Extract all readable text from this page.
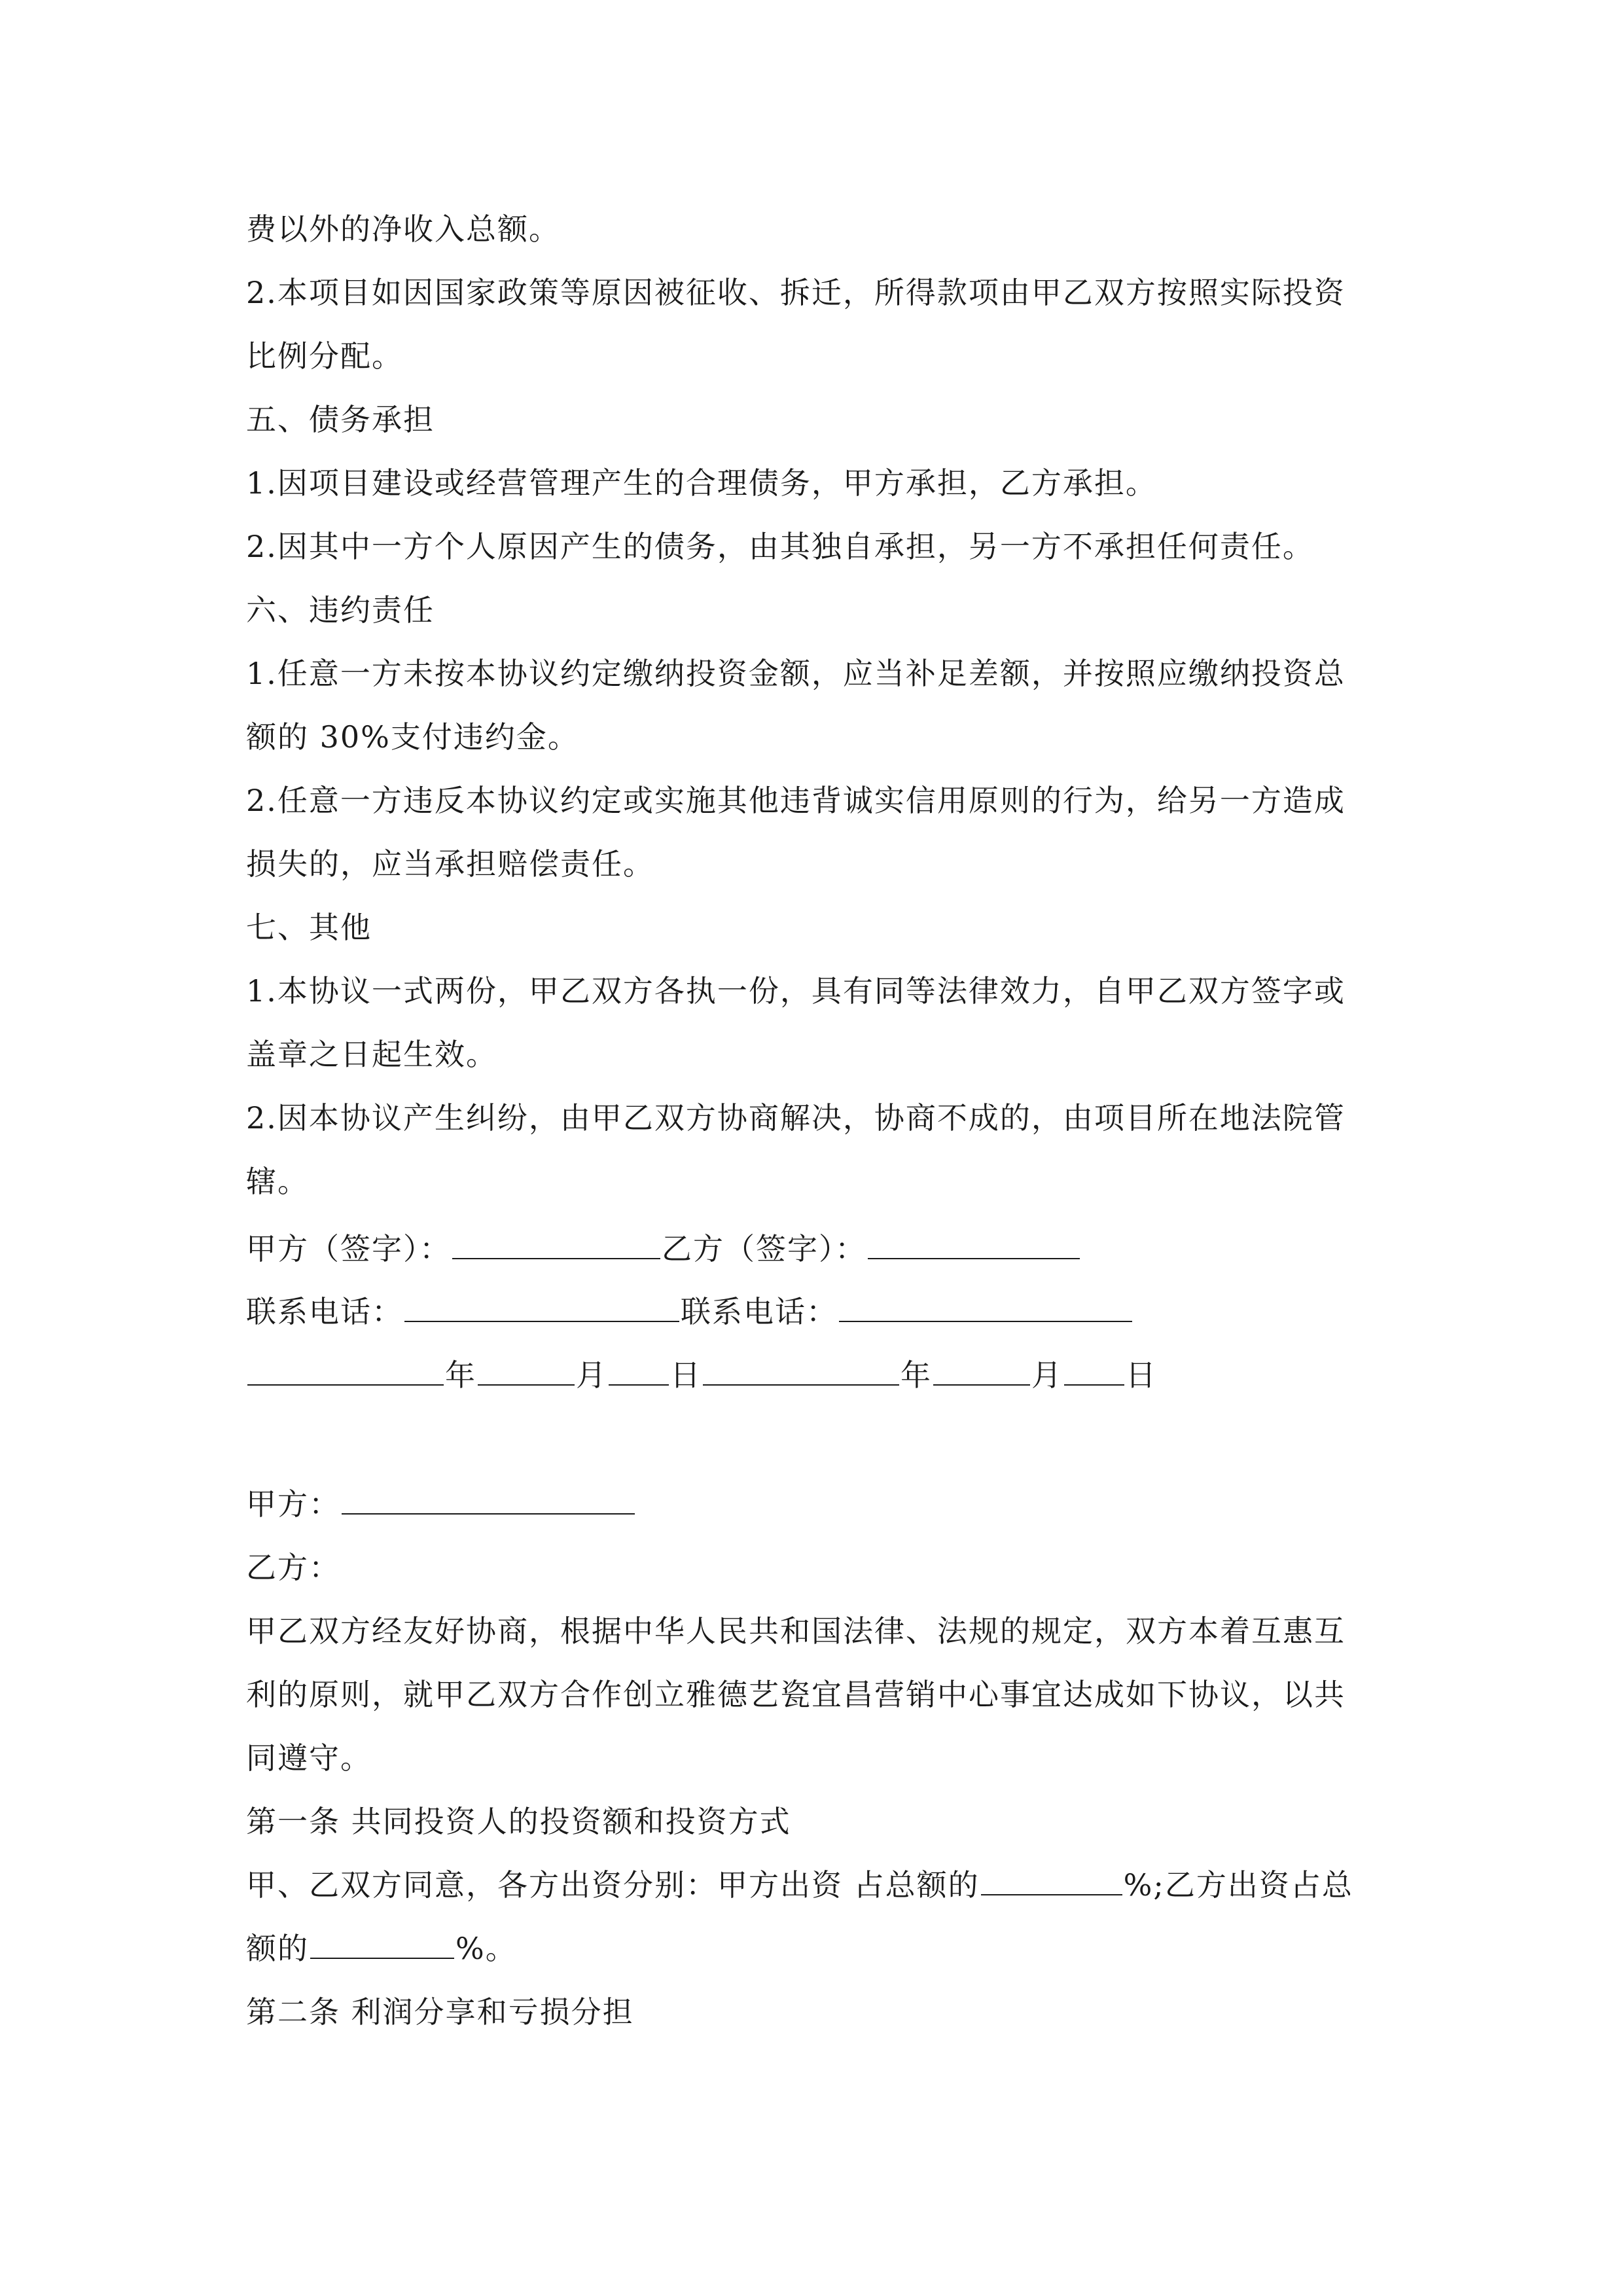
费以外的净收入总额。
2.本项目如因国家政策等原因被征收、拆迁，所得款项由甲乙双方按照实际投资
比例分配。
五、债务承担
1.因项目建设或经营管理产生的合理债务，甲方承担，乙方承担。
2.因其中一方个人原因产生的债务，由其独自承担，另一方不承担任何责任。
六、违约责任
1.任意一方未按本协议约定缴纳投资金额，应当补足差额，并按照应缴纳投资总
额的 30%支付违约金。
2.任意一方违反本协议约定或实施其他违背诚实信用原则的行为，给另一方造成
损失的，应当承担赔偿责任。
七、其他
1.本协议一式两份，甲乙双方各执一份，具有同等法律效力，自甲乙双方签字或
盖章之日起生效。
2.因本协议产生纠纷，由甲乙双方协商解决，协商不成的，由项目所在地法院管
辖。
甲方（签字）：	乙方（签字）：
联系电话：	联系电话：
年	月 日	年	月 日
甲方：
乙方：
甲乙双方经友好协商，根据中华人民共和国法律、法规的规定，双方本着互惠互
利的原则，就甲乙双方合作创立雅德艺瓷宜昌营销中心事宜达成如下协议，以共
同遵守。
第一条 共同投资人的投资额和投资方式
甲、乙双方同意，各方出资分别：甲方出资 占总额的	%;乙方出资占总
额的	%。
第二条 利润分享和亏损分担
